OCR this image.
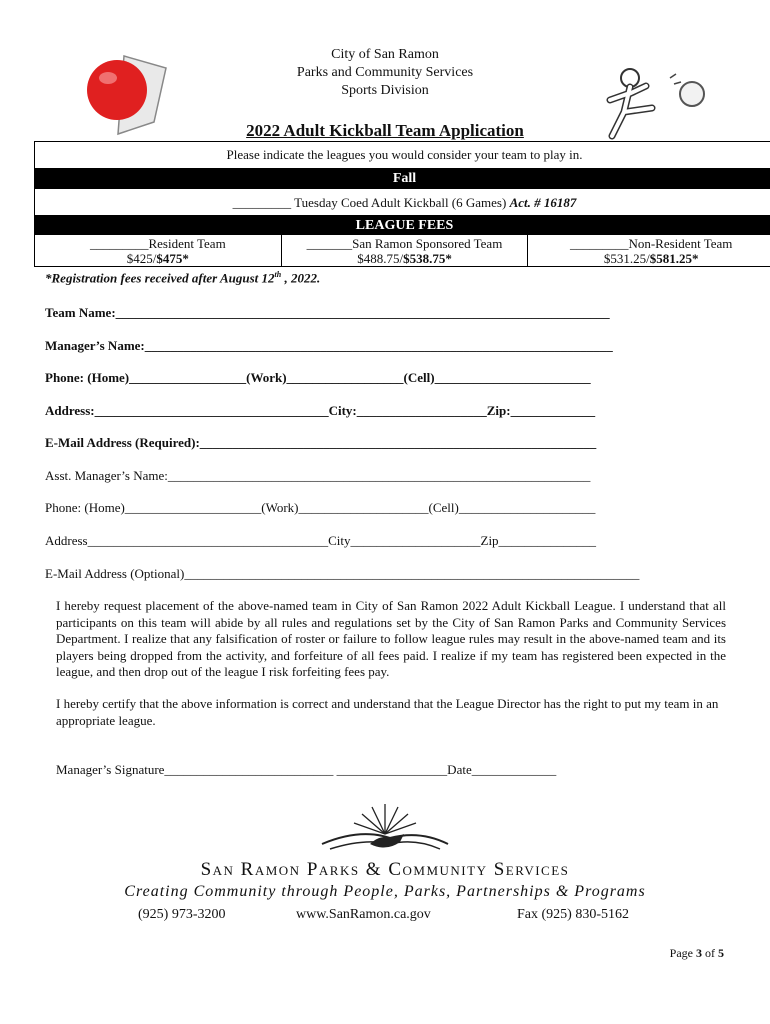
City of San Ramon
Parks and Community Services
Sports Division
2022 Adult Kickball Team Application
Please indicate the leagues you would consider your team to play in.
Fall
_________ Tuesday Coed Adult Kickball (6 Games) Act. # 16187
LEAGUE FEES
_________Resident Team
$425/$475*
_______San Ramon Sponsored Team
$488.75/$538.75*
_________Non-Resident Team
$531.25/$581.25*
*Registration fees received after August 12th , 2022.
Team Name:____________________________________________________________________________
Manager’s Name:________________________________________________________________________
Phone: (Home)__________________(Work)__________________(Cell)________________________
Address:____________________________________City:____________________Zip:_____________
E-Mail Address (Required):_____________________________________________________________
Asst. Manager’s Name:_________________________________________________________________
Phone: (Home)_____________________(Work)____________________(Cell)_____________________
Address_____________________________________City____________________Zip_______________
E-Mail Address (Optional)______________________________________________________________________
I hereby request placement of the above-named team in City of San Ramon 2022 Adult Kickball League. I understand that all participants on this team will abide by all rules and regulations set by the City of San Ramon Parks and Community Services Department. I realize that any falsification of roster or failure to follow league rules may result in the above-named team and its players being dropped from the activity, and forfeiture of all fees paid. I realize if my team has registered been expected in the league, and then drop out of the league I risk forfeiting fees pay.
I hereby certify that the above information is correct and understand that the League Director has the right to put my team in an appropriate league.
Manager’s Signature__________________________ _________________Date_____________
San Ramon Parks & Community Services
Creating Community through People, Parks, Partnerships & Programs
(925) 973-3200	www.SanRamon.ca.gov	Fax (925) 830-5162
Page 3 of 5
